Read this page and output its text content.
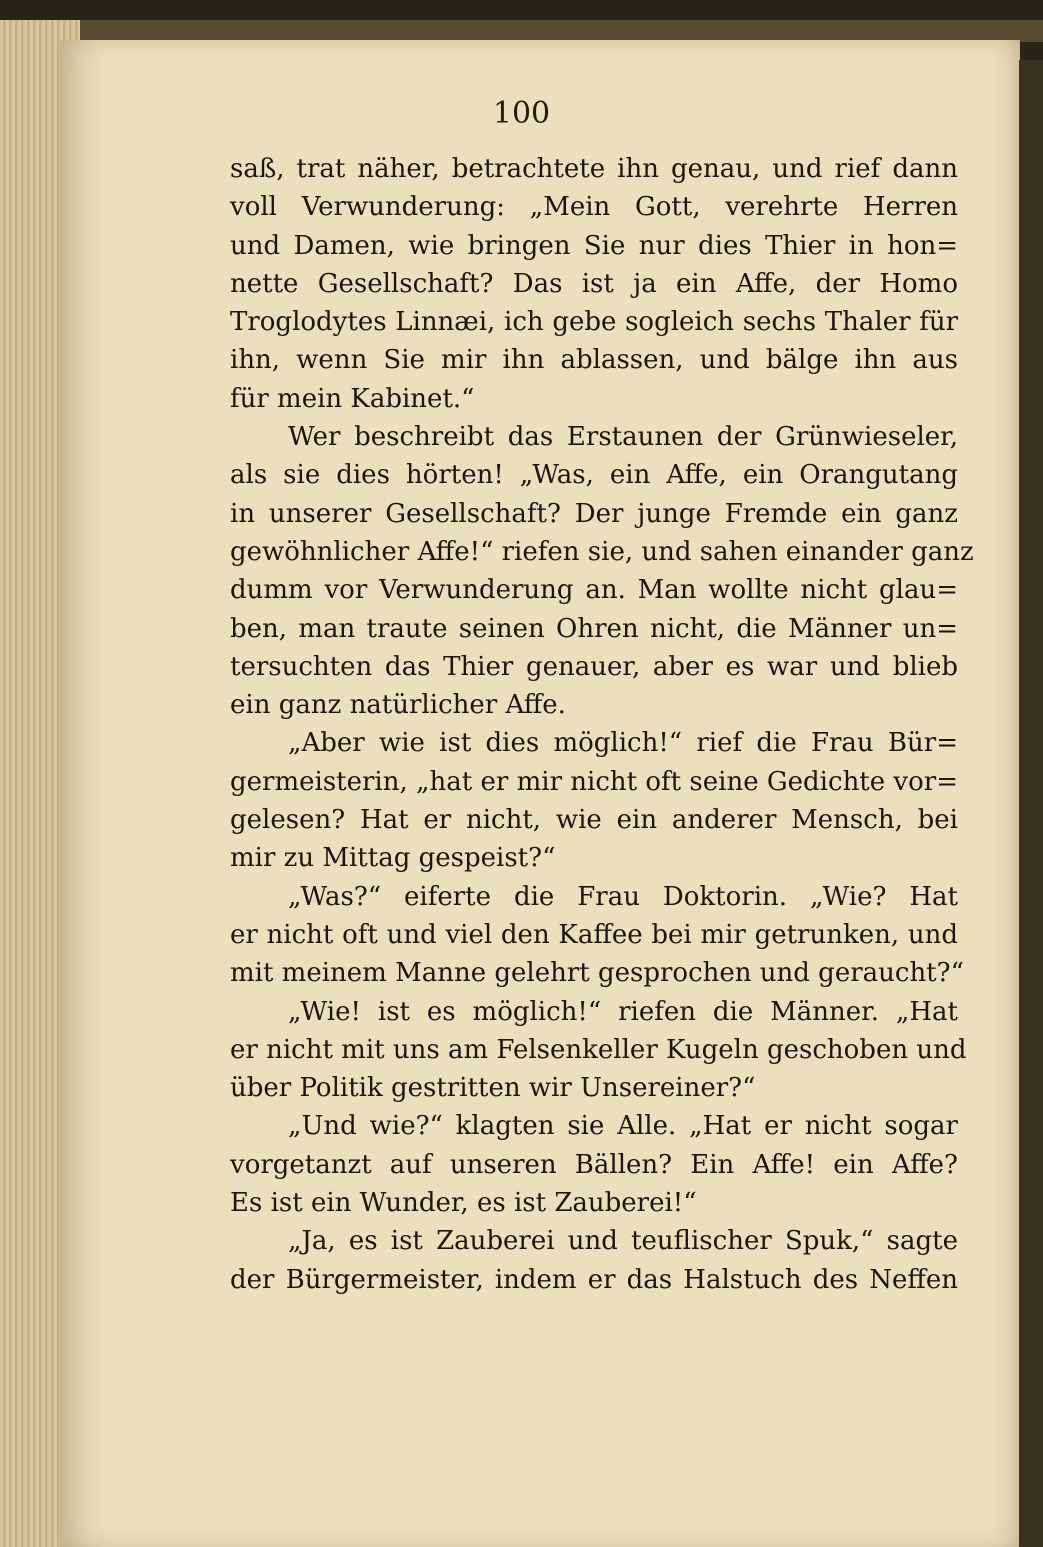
100
saß, trat näher, betrachtete ihn genau, und rief dann
voll Verwunderung: „Mein Gott, verehrte Herren
und Damen, wie bringen Sie nur dies Thier in hon=
nette Gesellschaft? Das ist ja ein Affe, der Homo
Troglodytes Linnæi, ich gebe sogleich sechs Thaler für
ihn, wenn Sie mir ihn ablassen, und bälge ihn aus
für mein Kabinet.“
Wer beschreibt das Erstaunen der Grünwieseler,
als sie dies hörten! „Was, ein Affe, ein Orangutang
in unserer Gesellschaft? Der junge Fremde ein ganz
gewöhnlicher Affe!“ riefen sie, und sahen einander ganz
dumm vor Verwunderung an. Man wollte nicht glau=
ben, man traute seinen Ohren nicht, die Männer un=
tersuchten das Thier genauer, aber es war und blieb
ein ganz natürlicher Affe.
„Aber wie ist dies möglich!“ rief die Frau Bür=
germeisterin, „hat er mir nicht oft seine Gedichte vor=
gelesen? Hat er nicht, wie ein anderer Mensch, bei
mir zu Mittag gespeist?“
„Was?“ eiferte die Frau Doktorin. „Wie? Hat
er nicht oft und viel den Kaffee bei mir getrunken, und
mit meinem Manne gelehrt gesprochen und geraucht?“
„Wie! ist es möglich!“ riefen die Männer. „Hat
er nicht mit uns am Felsenkeller Kugeln geschoben und
über Politik gestritten wir Unsereiner?“
„Und wie?“ klagten sie Alle. „Hat er nicht sogar
vorgetanzt auf unseren Bällen? Ein Affe! ein Affe?
Es ist ein Wunder, es ist Zauberei!“
„Ja, es ist Zauberei und teuflischer Spuk,“ sagte
der Bürgermeister, indem er das Halstuch des Neffen
